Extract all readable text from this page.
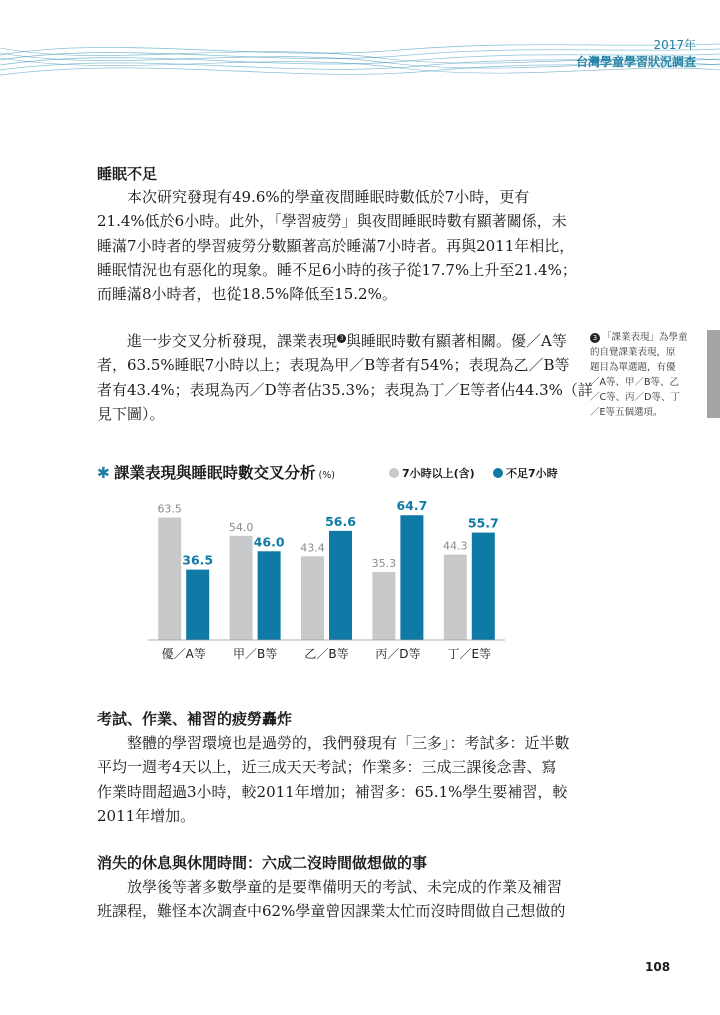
2017年
台灣學童學習狀況調查
睡眠不足
本次研究發現有49.6%的學童夜間睡眠時數低於7小時，更有
21.4%低於6小時。此外，「學習疲勞」與夜間睡眠時數有顯著關係，未
睡滿7小時者的學習疲勞分數顯著高於睡滿7小時者。再與2011年相比，
睡眠情況也有惡化的現象。睡不足6小時的孩子從17.7%上升至21.4%；
而睡滿8小時者，也從18.5%降低至15.2%。
進一步交叉分析發現，課業表現 3 與睡眠時數有顯著相關。優／A等
者，63.5%睡眠7小時以上；表現為甲／B等者有54%；表現為乙／B等
者有43.4%；表現為丙／D等者佔35.3%；表現為丁／E等者佔44.3%（詳
見下圖）。
3 「課業表現」為學童
的自覺課業表現，原
題目為單選題，有優
／A等、甲／B等、乙
／C等、丙／D等、丁
／E等五個選項。
✱ 課業表現與睡眠時數交叉分析 (%)	7小時以上(含)	不足7小時
63.5
36.5
優／A等
54.0
46.0
甲／B等
43.4
56.6
乙／B等
35.3
64.7
丙／D等
44.3
55.7
丁／E等
考試、作業、補習的疲勞轟炸
整體的學習環境也是過勞的，我們發現有「三多」：考試多：近半數
平均一週考4天以上，近三成天天考試；作業多：三成三課後念書、寫
作業時間超過3小時，較2011年增加；補習多：65.1%學生要補習，較
2011年增加。
消失的休息與休閒時間：六成二沒時間做想做的事
放學後等著多數學童的是要準備明天的考試、未完成的作業及補習
班課程，難怪本次調查中62%學童曾因課業太忙而沒時間做自己想做的
108
